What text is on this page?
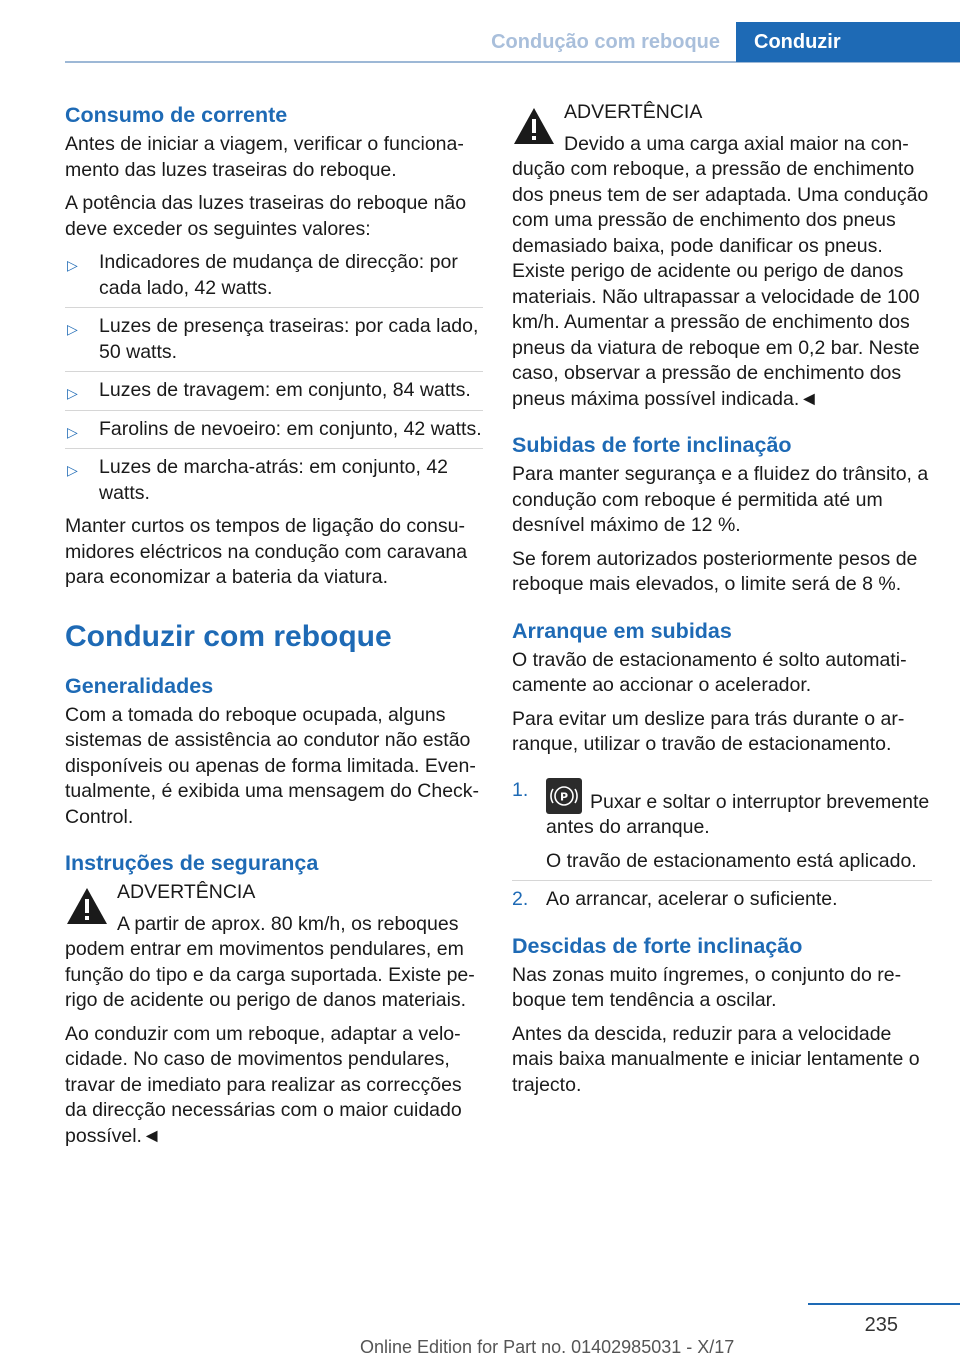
Condução com reboque	Conduzir
Consumo de corrente

Antes de iniciar a viagem, verificar o funcionamento das luzes traseiras do reboque.

A potência das luzes traseiras do reboque não deve exceder os seguintes valores:

▷ Indicadores de mudança de direcção: por cada lado, 42 watts.
▷ Luzes de presença traseiras: por cada lado, 50 watts.
▷ Luzes de travagem: em conjunto, 84 watts.
▷ Farolins de nevoeiro: em conjunto, 42 watts.
▷ Luzes de marcha-atrás: em conjunto, 42 watts.

Manter curtos os tempos de ligação do consumidores eléctricos na condução com caravana para economizar a bateria da viatura.

Conduzir com reboque
Generalidades

Com a tomada do reboque ocupada, alguns sistemas de assistência ao condutor não estão disponíveis ou apenas de forma limitada. Eventualmente, é exibida uma mensagem do Check-Control.

Instruções de segurança
ADVERTÊNCIA

A partir de aprox. 80 km/h, os reboques podem entrar em movimentos pendulares, em função do tipo e da carga suportada. Existe perigo de acidente ou perigo de danos materiais.

Ao conduzir com um reboque, adaptar a velocidade. No caso de movimentos pendulares, travar de imediato para realizar as correcções da direcção necessárias com o maior cuidado possível.◄

ADVERTÊNCIA

Devido a uma carga axial maior na condução com reboque, a pressão de enchimento dos pneus tem de ser adaptada. Uma condução com uma pressão de enchimento dos pneus demasiado baixa, pode danificar os pneus. Existe perigo de acidente ou perigo de danos materiais. Não ultrapassar a velocidade de 100 km/h. Aumentar a pressão de enchimento dos pneus da viatura de reboque em 0,2 bar. Neste caso, observar a pressão de enchimento dos pneus máxima possível indicada.◄

Subidas de forte inclinação

Para manter segurança e a fluidez do trânsito, a condução com reboque é permitida até um desnível máximo de 12 %.

Se forem autorizados posteriormente pesos de reboque mais elevados, o limite será de 8 %.

Arranque em subidas

O travão de estacionamento é solto automaticamente ao accionar o acelerador.

Para evitar um deslize para trás durante o arranque, utilizar o travão de estacionamento.

1.	P Puxar e soltar o interruptor brevemente antes do arranque.
O travão de estacionamento está aplicado.
2. Ao arrancar, acelerar o suficiente.
Descidas de forte inclinação

Nas zonas muito íngremes, o conjunto do reboque tem tendência a oscilar.

Antes da descida, reduzir para a velocidade mais baixa manualmente e iniciar lentamente o trajecto.

235
Online Edition for Part no. 01402985031 - X/17
